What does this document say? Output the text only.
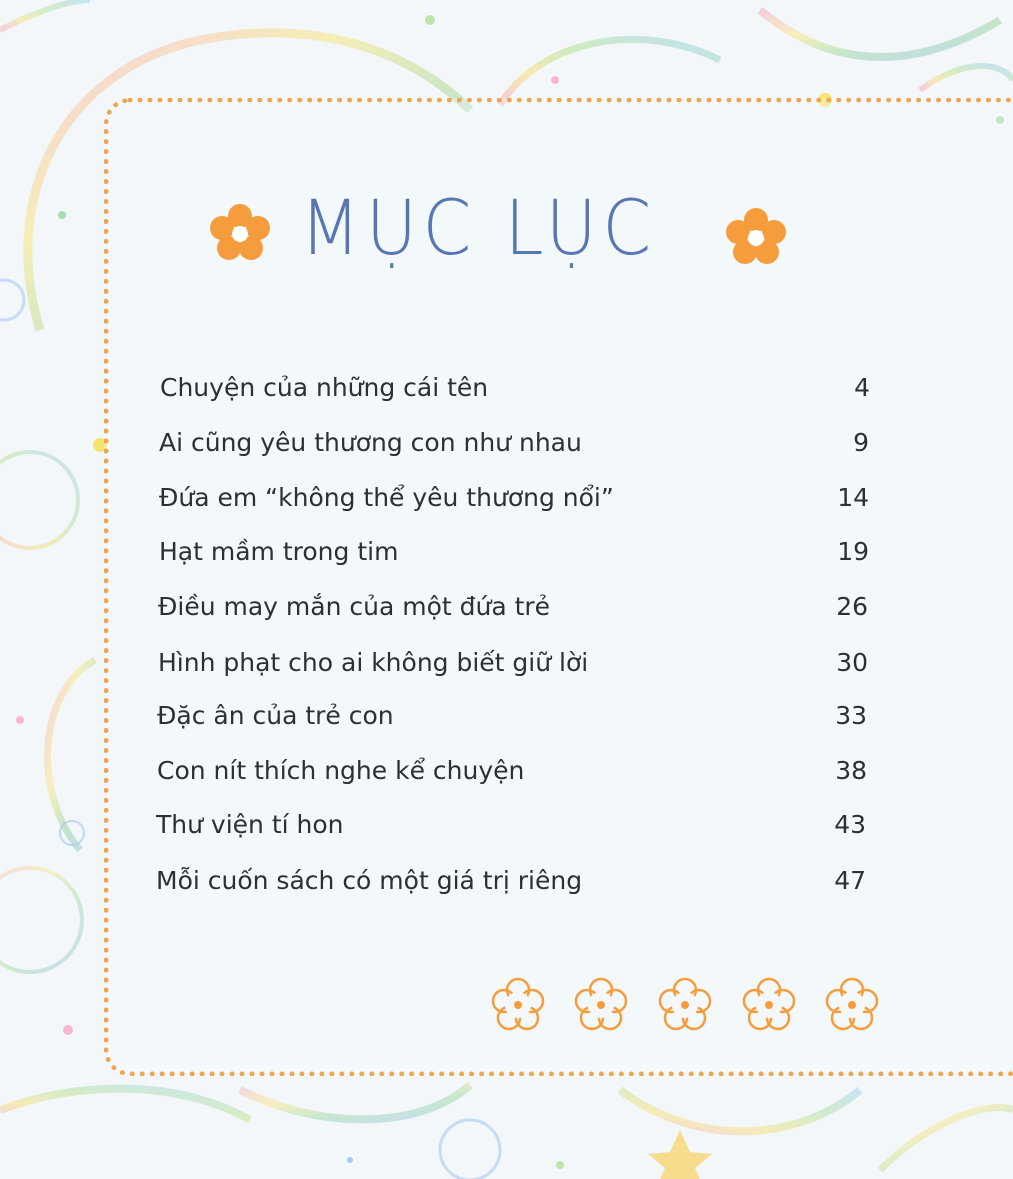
MỤC LỤC
Chuyện của những cái tên	4
Ai cũng yêu thương con như nhau	9
Đứa em “không thể yêu thương nổi”	14
Hạt mầm trong tim	19
Điều may mắn của một đứa trẻ	26
Hình phạt cho ai không biết giữ lời	30
Đặc ân của trẻ con	33
Con nít thích nghe kể chuyện	38
Thư viện tí hon	43
Mỗi cuốn sách có một giá trị riêng	47
